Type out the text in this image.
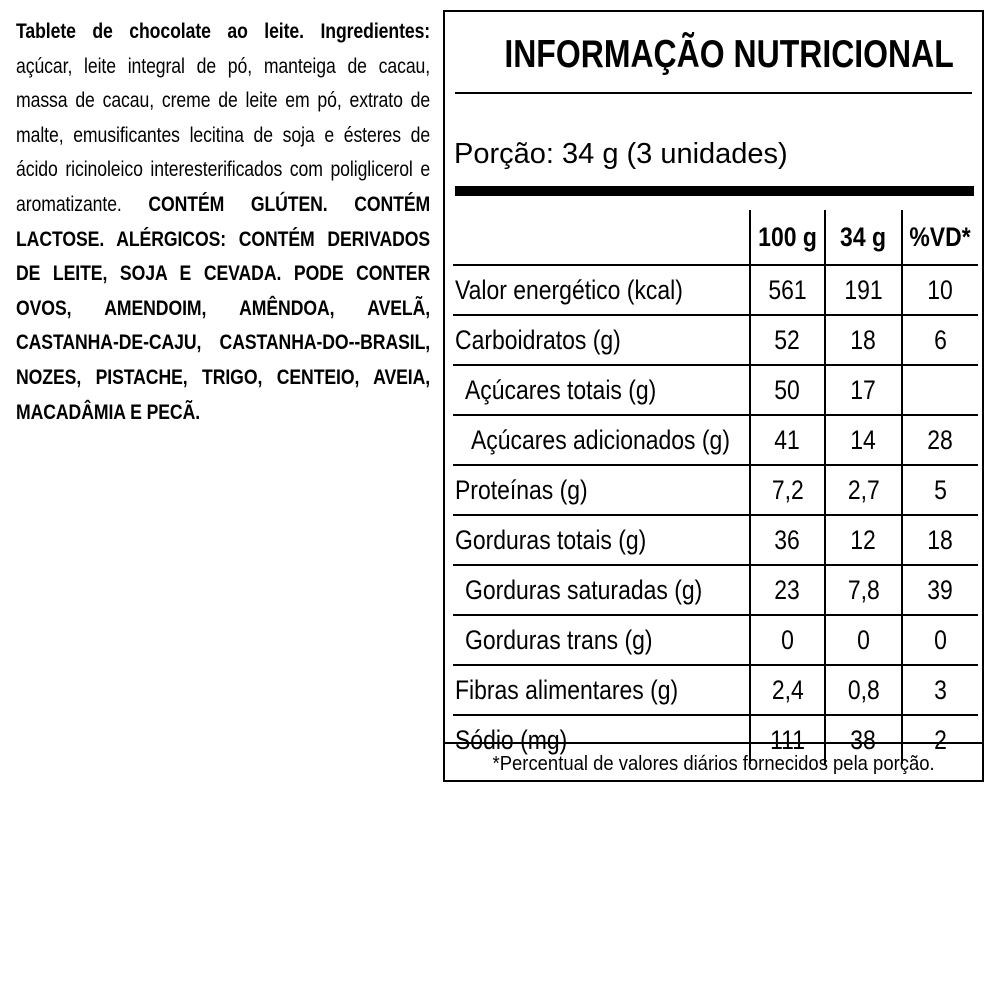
Tablete de chocolate ao leite. Ingredientes: açúcar, leite integral de pó, manteiga de cacau, massa de cacau, creme de leite em pó, extrato de malte, emusificantes lecitina de soja e ésteres de ácido ricinoleico interesterificados com poliglicerol e aromatizante. CONTÉM GLÚTEN. CONTÉM LACTOSE. ALÉRGICOS: CONTÉM DERIVADOS DE LEITE, SOJA E CEVADA. PODE CONTER OVOS, AMENDOIM, AMÊNDOA, AVELÃ, CASTANHA-DE-CAJU, CASTANHA-DO--BRASIL, NOZES, PISTACHE, TRIGO, CENTEIO, AVEIA, MACADÂMIA E PECÃ.
INFORMAÇÃO NUTRICIONAL
Porção: 34 g (3 unidades)
	100 g	34 g	%VD*
Valor energético (kcal)	561	191	10
Carboidratos (g)	52	18	6
Açúcares totais (g)	50	17	
Açúcares adicionados (g)	41	14	28
Proteínas (g)	7,2	2,7	5
Gorduras totais (g)	36	12	18
Gorduras saturadas (g)	23	7,8	39
Gorduras trans (g)	0	0	0
Fibras alimentares (g)	2,4	0,8	3
Sódio (mg)	111	38	2
*Percentual de valores diários fornecidos pela porção.
